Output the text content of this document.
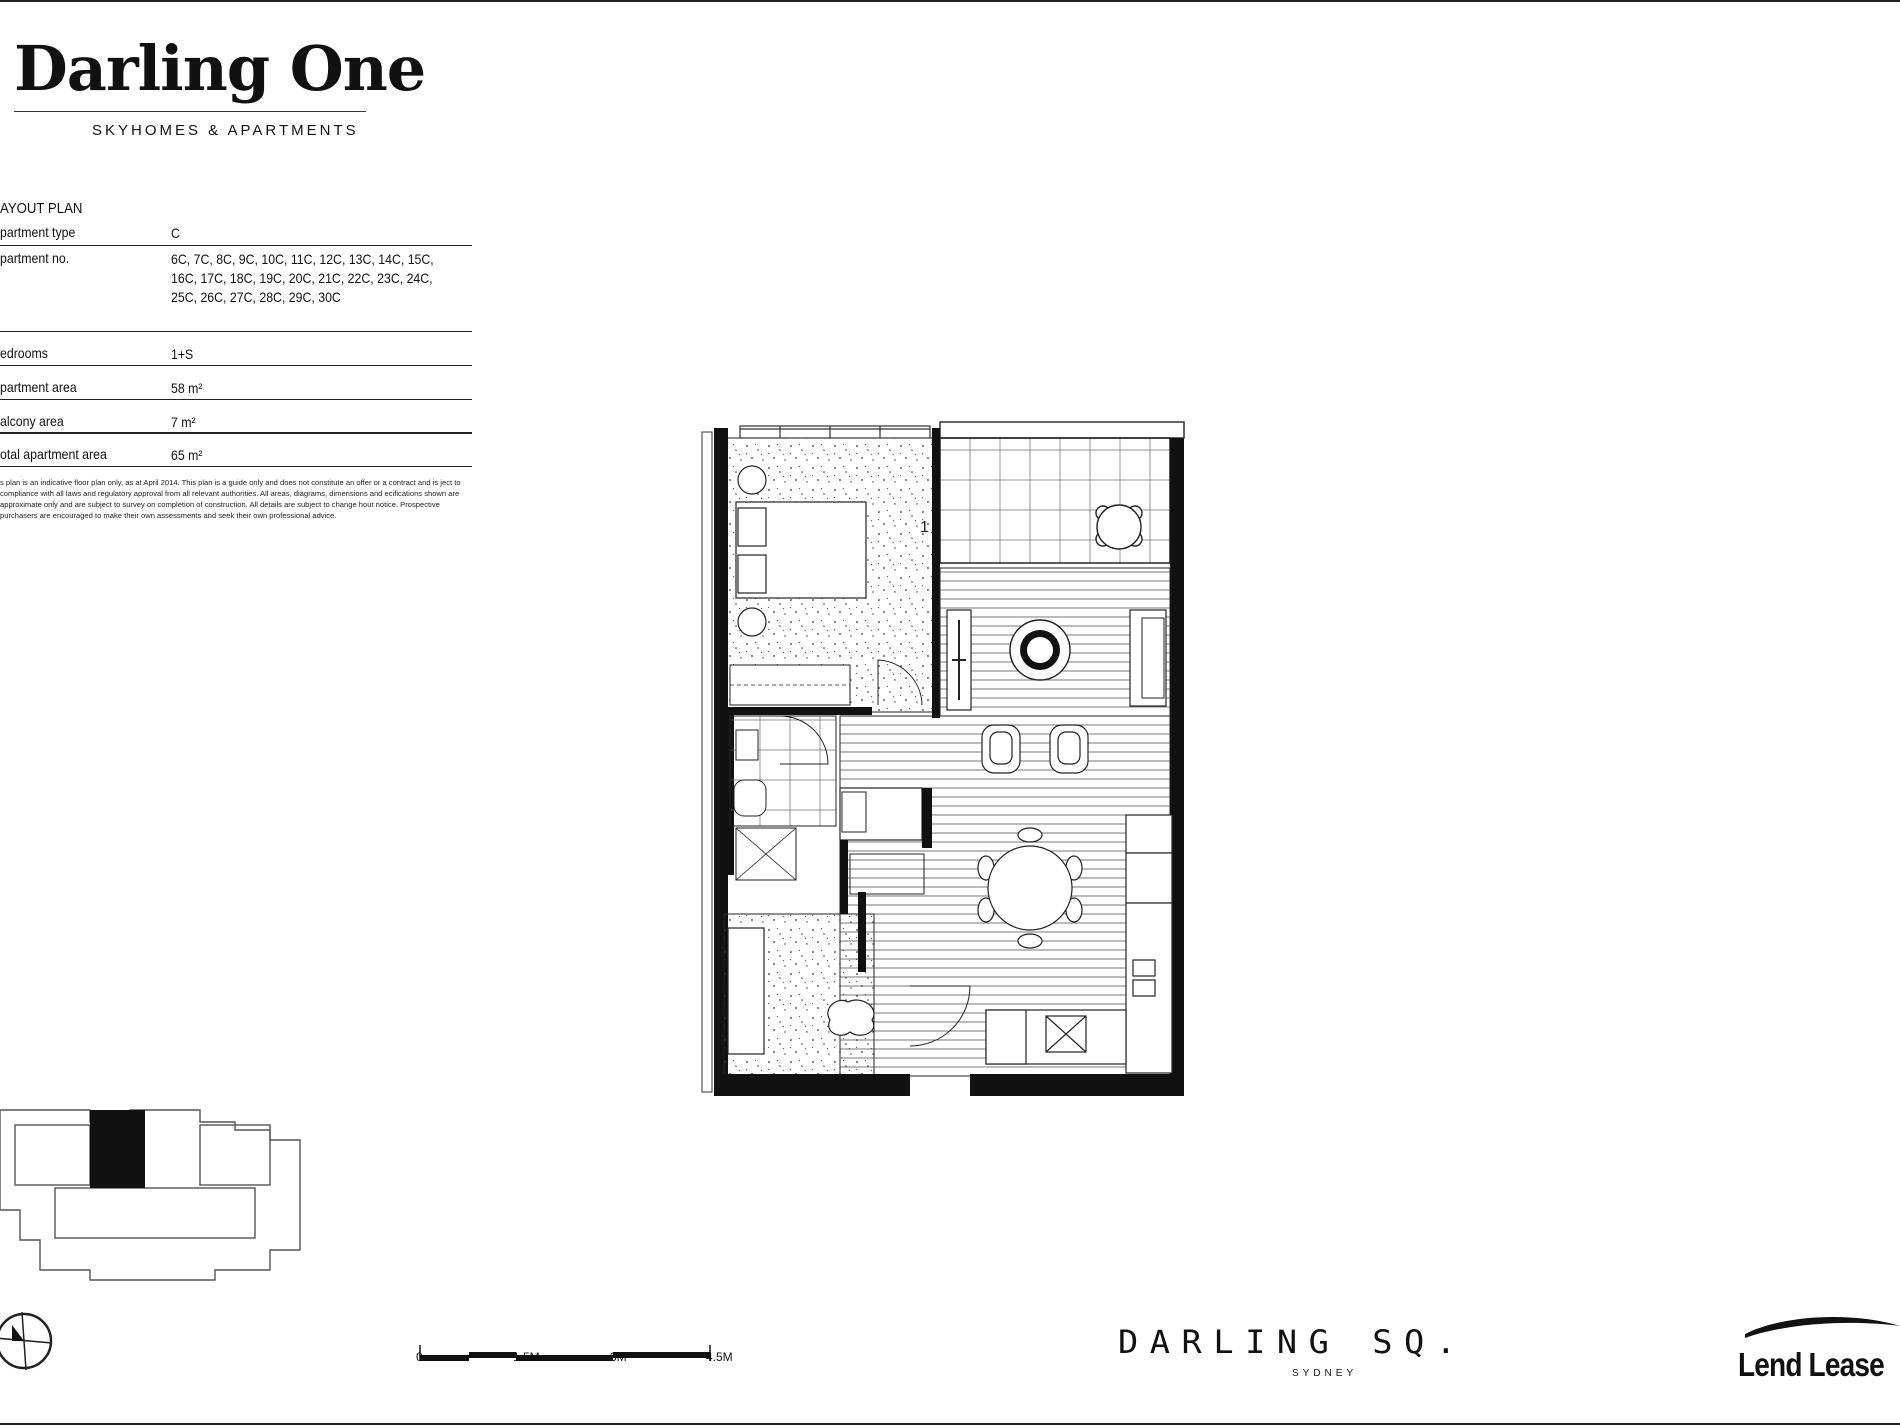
Darling One
SKYHOMES & APARTMENTS
AYOUT PLAN
partment type	C
partment no.	6C, 7C, 8C, 9C, 10C, 11C, 12C, 13C, 14C, 15C, 16C, 17C, 18C, 19C, 20C, 21C, 22C, 23C, 24C, 25C, 26C, 27C, 28C, 29C, 30C
edrooms	1+S
partment area	58 m²
alcony area	7 m²
otal apartment area	65 m²
s plan is an indicative floor plan only, as at April 2014. This plan is a guide only and does not constitute an offer or a contract and is ject to compliance with all laws and regulatory approval from all relevant authorities. All areas, diagrams, dimensions and ecifications shown are approximate only and are subject to survey on completion of construction. All details are subject to change hout notice. Prospective purchasers are encouraged to make their own assessments and seek their own professional advice.
1
0	1.5M	3M	4.5M	DARLING SQ.
SYDNEY	Lend Lease
